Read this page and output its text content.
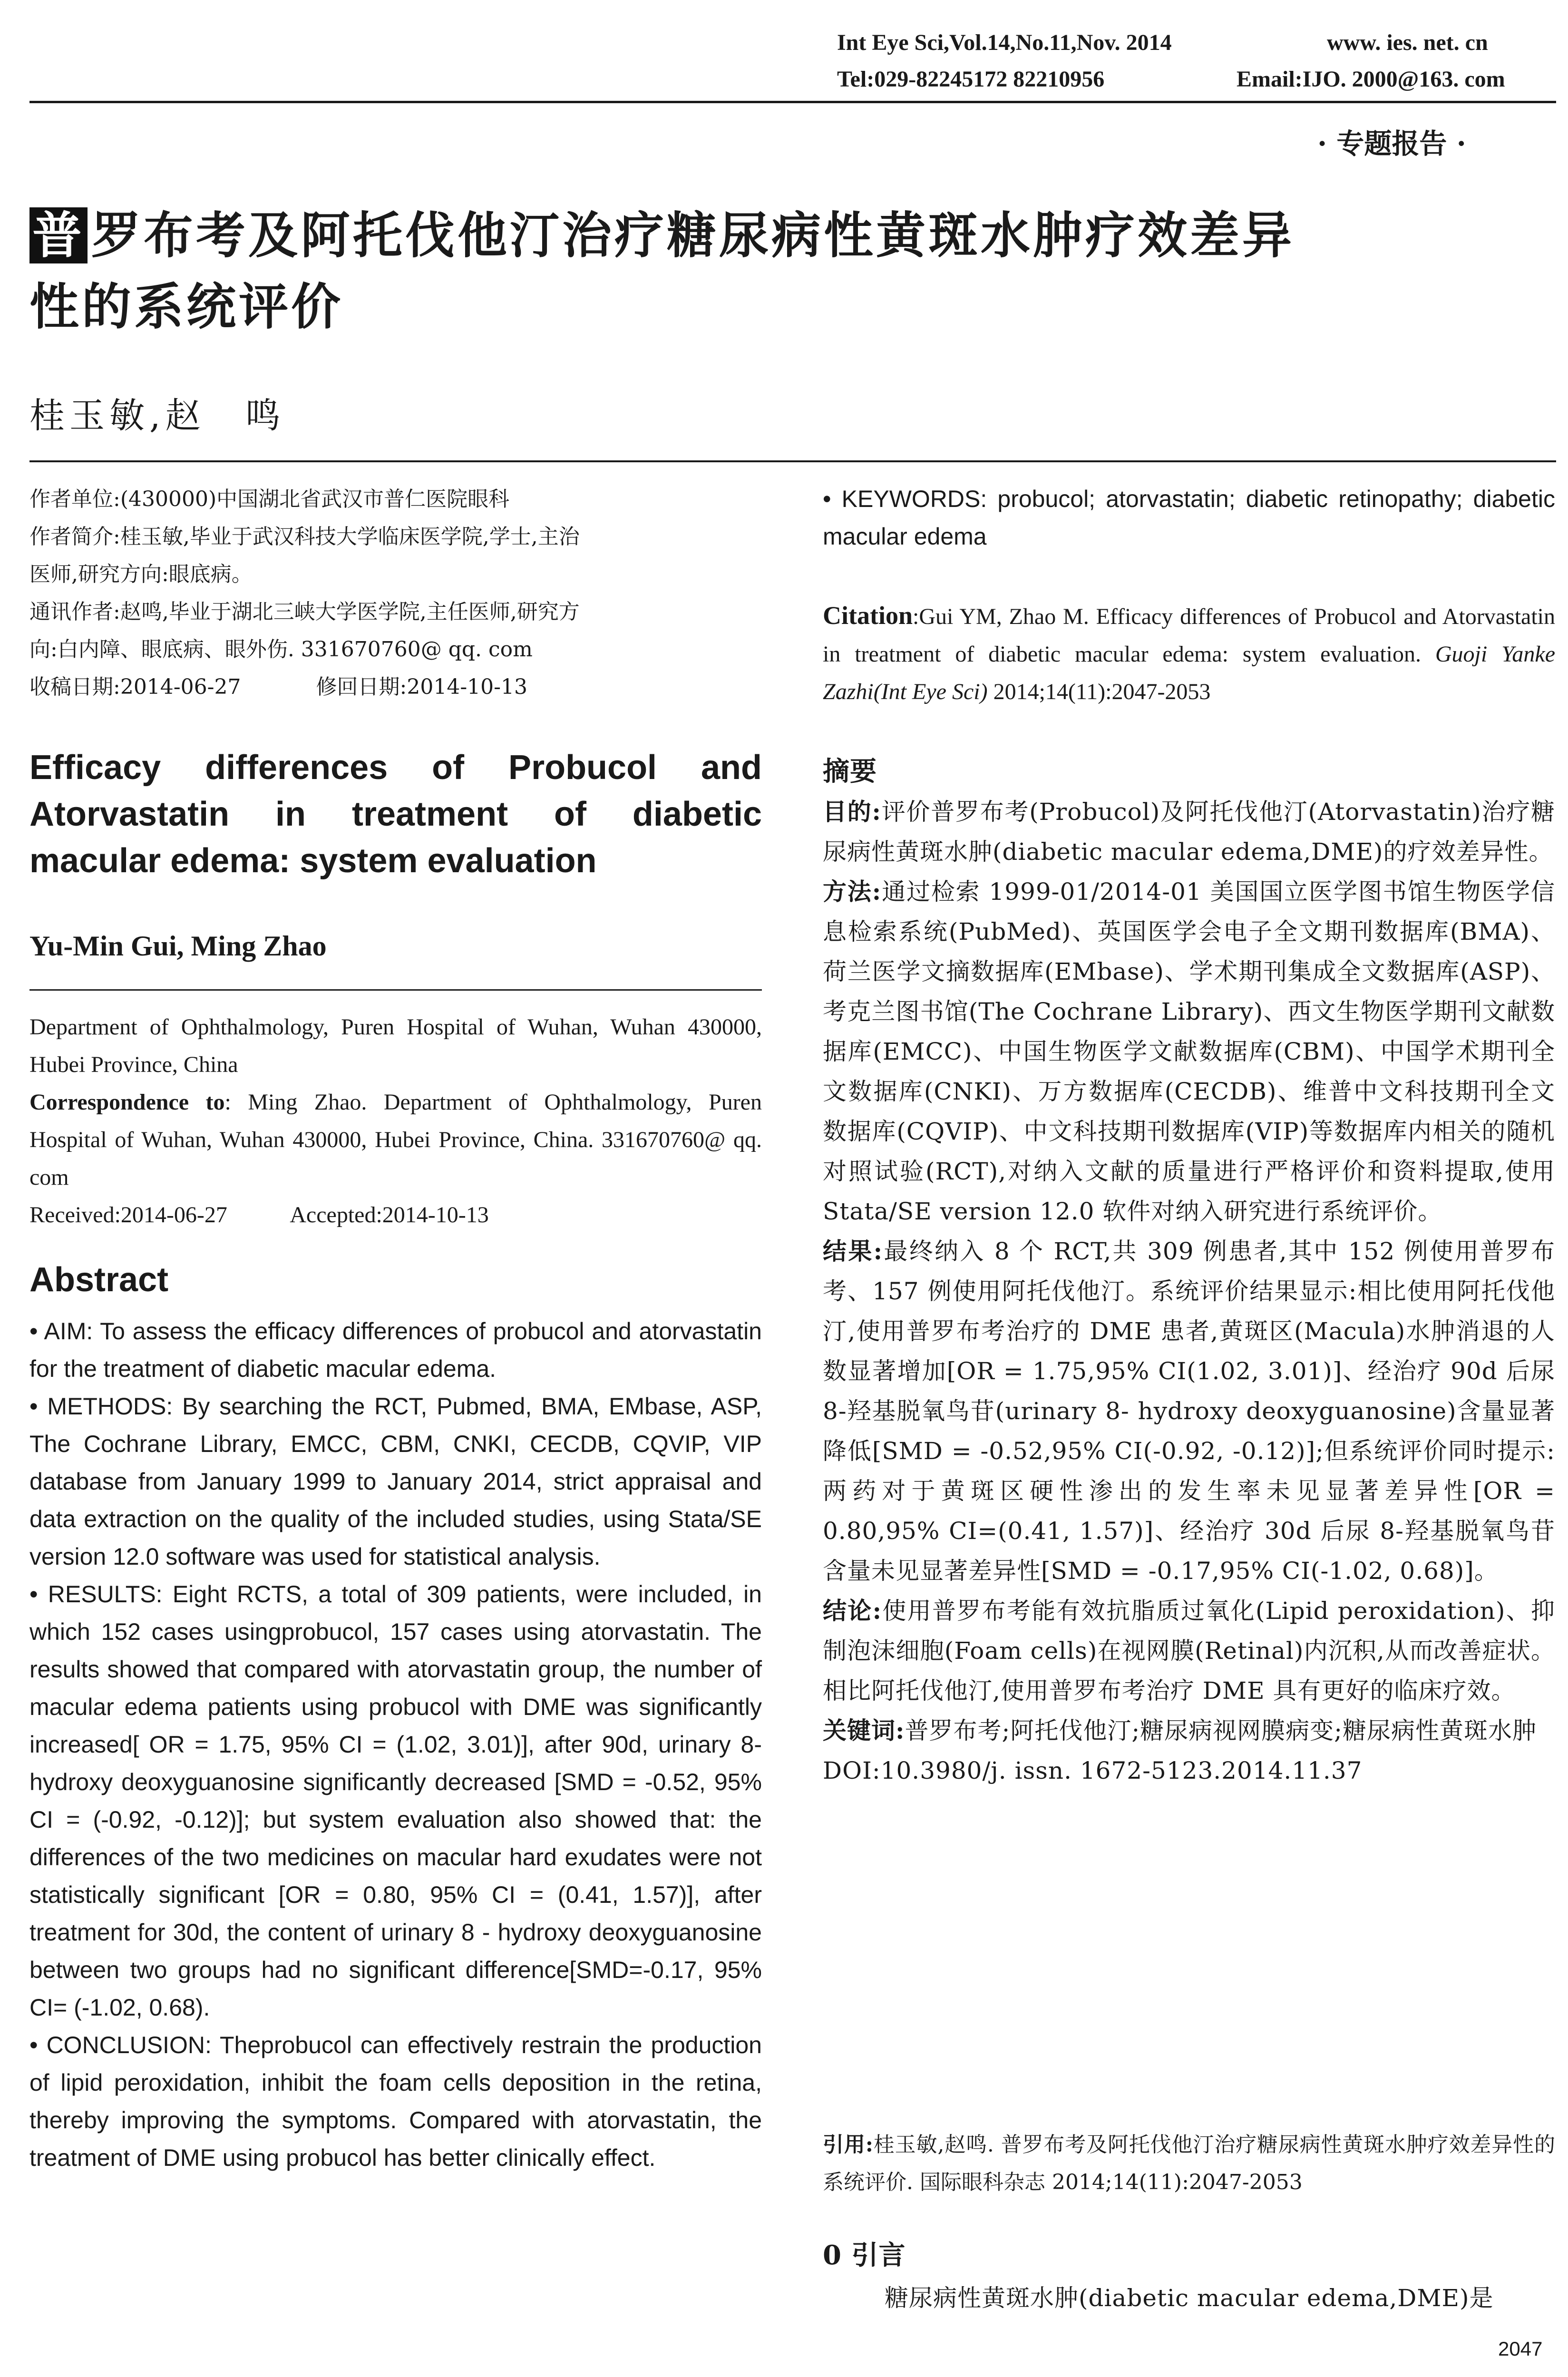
Int Eye Sci,Vol.14,No.11,Nov. 2014	www. ies. net. cn
Tel:029-82245172 82210956	Email:IJO. 2000@163. com
· 专题报告 ·
普 罗布考及阿托伐他汀治疗糖尿病性黄斑水肿疗效差异
性的系统评价
桂玉敏,赵　鸣
作者单位:(430000)中国湖北省武汉市普仁医院眼科
作者简介:桂玉敏,毕业于武汉科技大学临床医学院,学士,主治
医师,研究方向:眼底病。
通讯作者:赵鸣,毕业于湖北三峡大学医学院,主任医师,研究方
向:白内障、眼底病、眼外伤. 331670760@ qq. com
收稿日期:2014-06-27	修回日期:2014-10-13
Efficacy differences of Probucol and
Atorvastatin in treatment of diabetic
macular edema: system evaluation
Yu-Min Gui, Ming Zhao

Department of Ophthalmology, Puren Hospital of Wuhan, Wuhan 430000, Hubei Province, China

Correspondence to: Ming Zhao. Department of Ophthalmology, Puren Hospital of Wuhan, Wuhan 430000, Hubei Province, China. 331670760@ qq. com

Received:2014-06-27	Accepted:2014-10-13

Abstract

• AIM: To assess the efficacy differences of probucol and atorvastatin for the treatment of diabetic macular edema.

• METHODS: By searching the RCT, Pubmed, BMA, EMbase, ASP, The Cochrane Library, EMCC, CBM, CNKI, CECDB, CQVIP, VIP database from January 1999 to January 2014, strict appraisal and data extraction on the quality of the included studies, using Stata/SE version 12.0 software was used for statistical analysis.

• RESULTS: Eight RCTS, a total of 309 patients, were included, in which 152 cases usingprobucol, 157 cases using atorvastatin. The results showed that compared with atorvastatin group, the number of macular edema patients using probucol with DME was significantly increased[ OR = 1.75, 95% CI = (1.02, 3.01)], after 90d, urinary 8-hydroxy deoxyguanosine significantly decreased [SMD = -0.52, 95% CI = (-0.92, -0.12)]; but system evaluation also showed that: the differences of the two medicines on macular hard exudates were not statistically significant [OR = 0.80, 95% CI = (0.41, 1.57)], after treatment for 30d, the content of urinary 8 - hydroxy deoxyguanosine between two groups had no significant difference[SMD=-0.17, 95% CI= (-1.02, 0.68).

• CONCLUSION: Theprobucol can effectively restrain the production of lipid peroxidation, inhibit the foam cells deposition in the retina, thereby improving the symptoms. Compared with atorvastatin, the treatment of DME using probucol has better clinically effect.

• KEYWORDS: probucol; atorvastatin; diabetic retinopathy; diabetic macular edema
Citation:Gui YM, Zhao M. Efficacy differences of Probucol and Atorvastatin in treatment of diabetic macular edema: system evaluation. Guoji Yanke Zazhi(Int Eye Sci) 2014;14(11):2047-2053
摘要

目的:评价普罗布考(Probucol)及阿托伐他汀(Atorvastatin)治疗糖尿病性黄斑水肿(diabetic macular edema,DME)的疗效差异性。

方法:通过检索 1999-01/2014-01 美国国立医学图书馆生物医学信息检索系统(PubMed)、英国医学会电子全文期刊数据库(BMA)、荷兰医学文摘数据库(EMbase)、学术期刊集成全文数据库(ASP)、考克兰图书馆(The Cochrane Library)、西文生物医学期刊文献数据库(EMCC)、中国生物医学文献数据库(CBM)、中国学术期刊全文数据库(CNKI)、万方数据库(CECDB)、维普中文科技期刊全文数据库(CQVIP)、中文科技期刊数据库(VIP)等数据库内相关的随机对照试验(RCT),对纳入文献的质量进行严格评价和资料提取,使用 Stata/SE version 12.0 软件对纳入研究进行系统评价。

结果:最终纳入 8 个 RCT,共 309 例患者,其中 152 例使用普罗布考、157 例使用阿托伐他汀。系统评价结果显示:相比使用阿托伐他汀,使用普罗布考治疗的 DME 患者,黄斑区(Macula)水肿消退的人数显著增加[OR = 1.75,95% CI(1.02, 3.01)]、经治疗 90d 后尿 8-羟基脱氧鸟苷(urinary 8- hydroxy deoxyguanosine)含量显著降低[SMD = -0.52,95% CI(-0.92, -0.12)];但系统评价同时提示:两药对于黄斑区硬性渗出的发生率未见显著差异性[OR = 0.80,95% CI=(0.41, 1.57)]、经治疗 30d 后尿 8-羟基脱氧鸟苷含量未见显著差异性[SMD = -0.17,95% CI(-1.02, 0.68)]。

结论:使用普罗布考能有效抗脂质过氧化(Lipid peroxidation)、抑制泡沫细胞(Foam cells)在视网膜(Retinal)内沉积,从而改善症状。相比阿托伐他汀,使用普罗布考治疗 DME 具有更好的临床疗效。

关键词:普罗布考;阿托伐他汀;糖尿病视网膜病变;糖尿病性黄斑水肿

DOI:10.3980/j. issn. 1672-5123.2014.11.37

引用:桂玉敏,赵鸣. 普罗布考及阿托伐他汀治疗糖尿病性黄斑水肿疗效差异性的系统评价. 国际眼科杂志 2014;14(11):2047-2053
0 引言
糖尿病性黄斑水肿(diabetic macular edema,DME)是
2047
